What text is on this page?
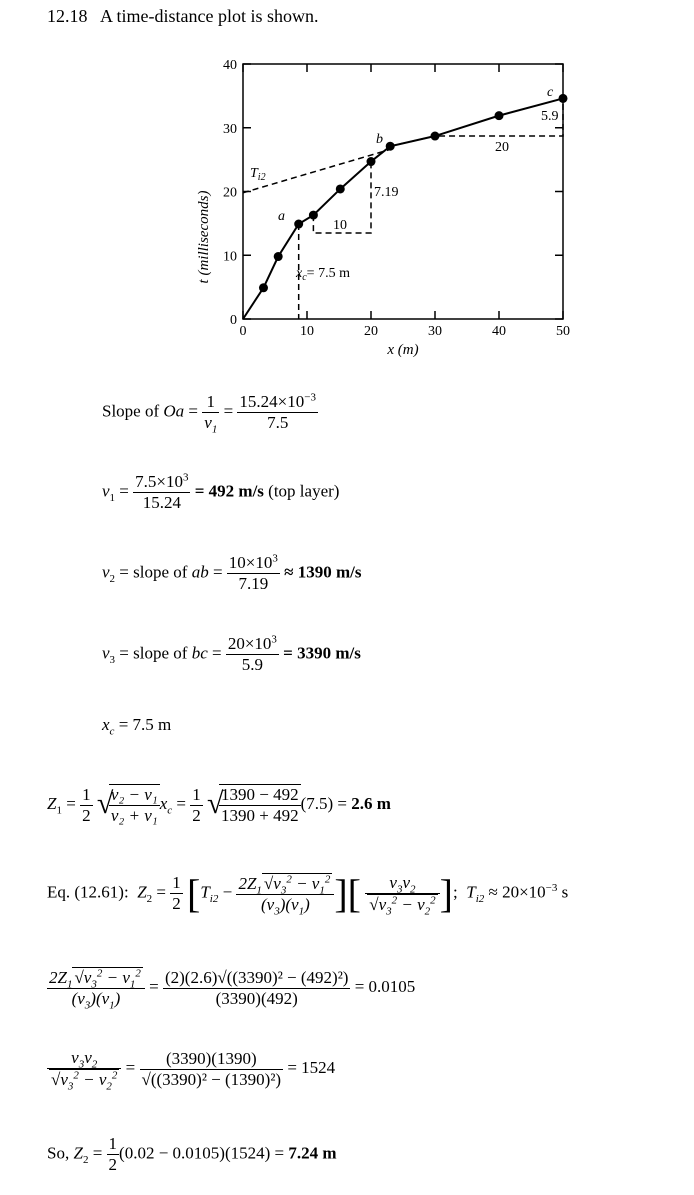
12.18 A time-distance plot is shown.
0	10	20	30	40	50
0
10
20
30
40
x (m)
t (milliseconds)	a
b
c
$T_{i2}$
$x_c= 7.5$ m
10
7.19
20
5.9
Slope of $Oa = \frac{1}{v_1} = \frac{15.24\times 10^{-3}}{7.5}$
$v_1 = \frac{7.5\times 10^3}{15.24} = 492$ m/s (top layer)
$v_2$ = slope of ab = $\frac{10\times 10^3}{7.19} \approx 1390$ m/s
$v_3$ = slope of bc = $\frac{20\times 10^3}{5.9} = 3390$ m/s
$x_c = 7.5$ m
$Z_1 = \frac{1}{2}$
√ $\frac{\text{v₂ − v₁}}{\text{v₂ + v₁}} x_c = \frac{1}{2}$
√ $\frac{1390 - 492}{1390 + 492} (7.5) = 2.6$ m
Eq. (12.61): $Z_2 = \frac{1}{2} [T_{i2} - \frac{2Z_1 √v_3^2 - v_1^2}{(v_3)(v_1)}$ ][ $\frac{v_3v_2}{√v_3^2 - v_2^2}$ ];  $T_{i2} \approx 20\times 10^{-3}$ s
$\frac{2Z_1 √v_3^2 - v_1^2}{(v_3)(v_1)} = \frac{\text{(2)(2.6)√((3390)² − (492)²)}}{(3390)(492)} = 0.0105$
$\frac{v_3v_2}{√v_3^2 - v_2^2} = \frac{(3390)(1390)}{\text{√((3390)² − (1390)²)}} = 1524$
So, $Z_2 = \frac{1}{2} (0.02 - 0.0105)(1524) = 7.24$ m
